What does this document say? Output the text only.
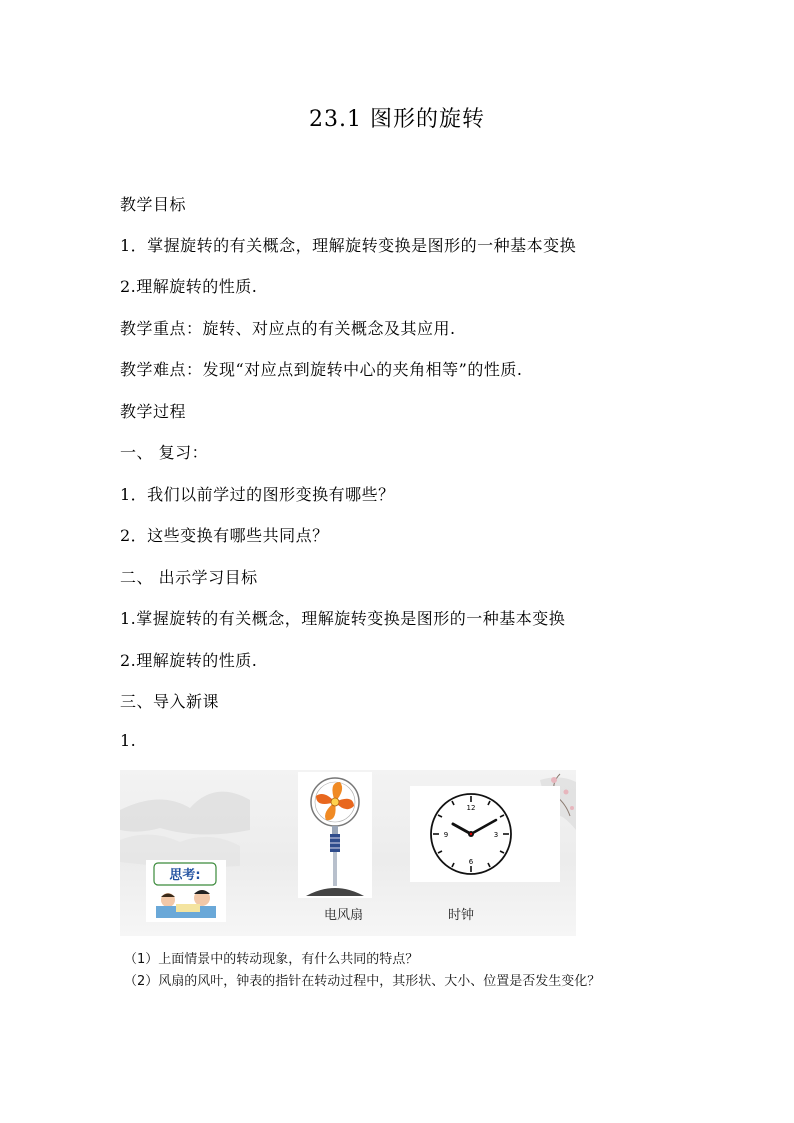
23.1 图形的旋转
教学目标
1．掌握旋转的有关概念，理解旋转变换是图形的一种基本变换
2.理解旋转的性质.
教学重点：旋转、对应点的有关概念及其应用.
教学难点：发现“对应点到旋转中心的夹角相等”的性质.
教学过程
一、 复习：
1．我们以前学过的图形变换有哪些？
2．这些变换有哪些共同点？
二、 出示学习目标
1.掌握旋转的有关概念，理解旋转变换是图形的一种基本变换
2.理解旋转的性质.
三、导入新课
1.
12
3
6
9
思考:
电风扇	时钟
（1）上面情景中的转动现象，有什么共同的特点？
（2）风扇的风叶，钟表的指针在转动过程中，其形状、大小、位置是否发生变化？
